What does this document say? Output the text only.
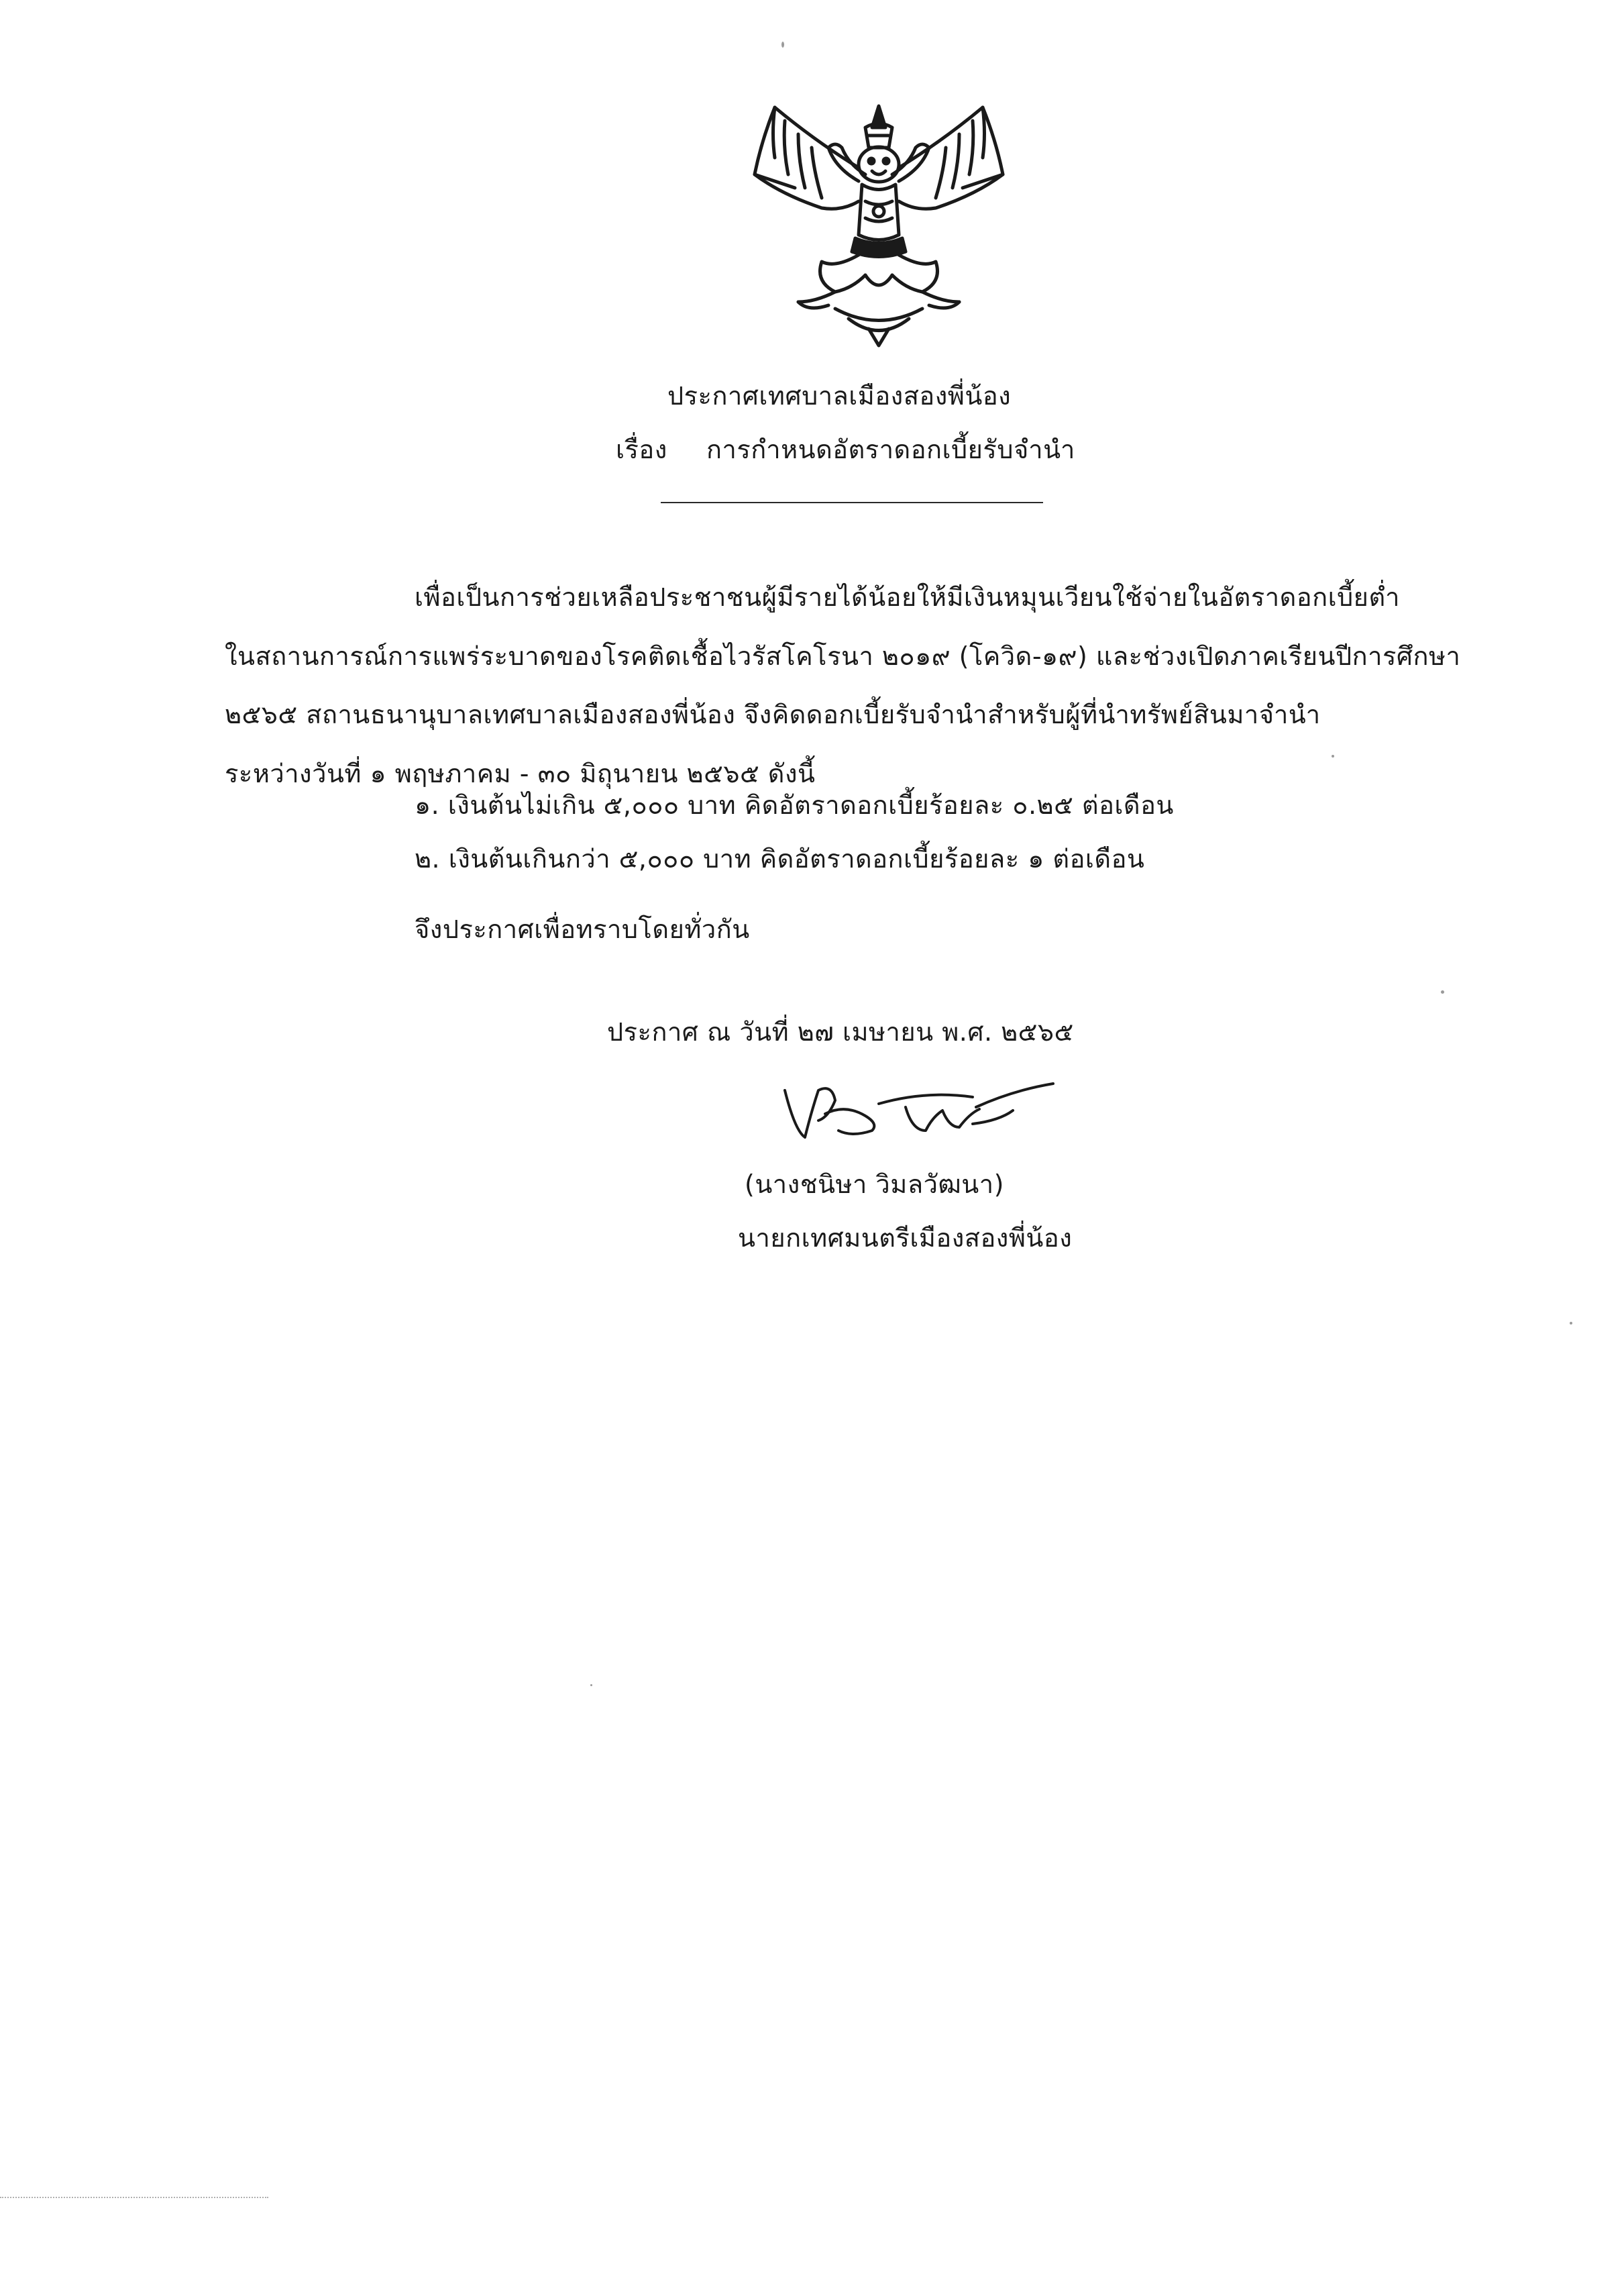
ประกาศเทศบาลเมืองสองพี่น้อง
เรื่อง การกำหนดอัตราดอกเบี้ยรับจำนำ
เพื่อเป็นการช่วยเหลือประชาชนผู้มีรายได้น้อยให้มีเงินหมุนเวียนใช้จ่ายในอัตราดอกเบี้ยต่ำ
ในสถานการณ์การแพร่ระบาดของโรคติดเชื้อไวรัสโคโรนา ๒๐๑๙ (โควิด-๑๙) และช่วงเปิดภาคเรียนปีการศึกษา
๒๕๖๕ สถานธนานุบาลเทศบาลเมืองสองพี่น้อง จึงคิดดอกเบี้ยรับจำนำสำหรับผู้ที่นำทรัพย์สินมาจำนำ
ระหว่างวันที่ ๑ พฤษภาคม - ๓๐ มิถุนายน ๒๕๖๕ ดังนี้
๑. เงินต้นไม่เกิน ๕,๐๐๐ บาท คิดอัตราดอกเบี้ยร้อยละ ๐.๒๕ ต่อเดือน
๒. เงินต้นเกินกว่า ๕,๐๐๐ บาท คิดอัตราดอกเบี้ยร้อยละ ๑ ต่อเดือน
จึงประกาศเพื่อทราบโดยทั่วกัน
ประกาศ ณ วันที่ ๒๗ เมษายน พ.ศ. ๒๕๖๕
(นางชนิษา วิมลวัฒนา)
นายกเทศมนตรีเมืองสองพี่น้อง
